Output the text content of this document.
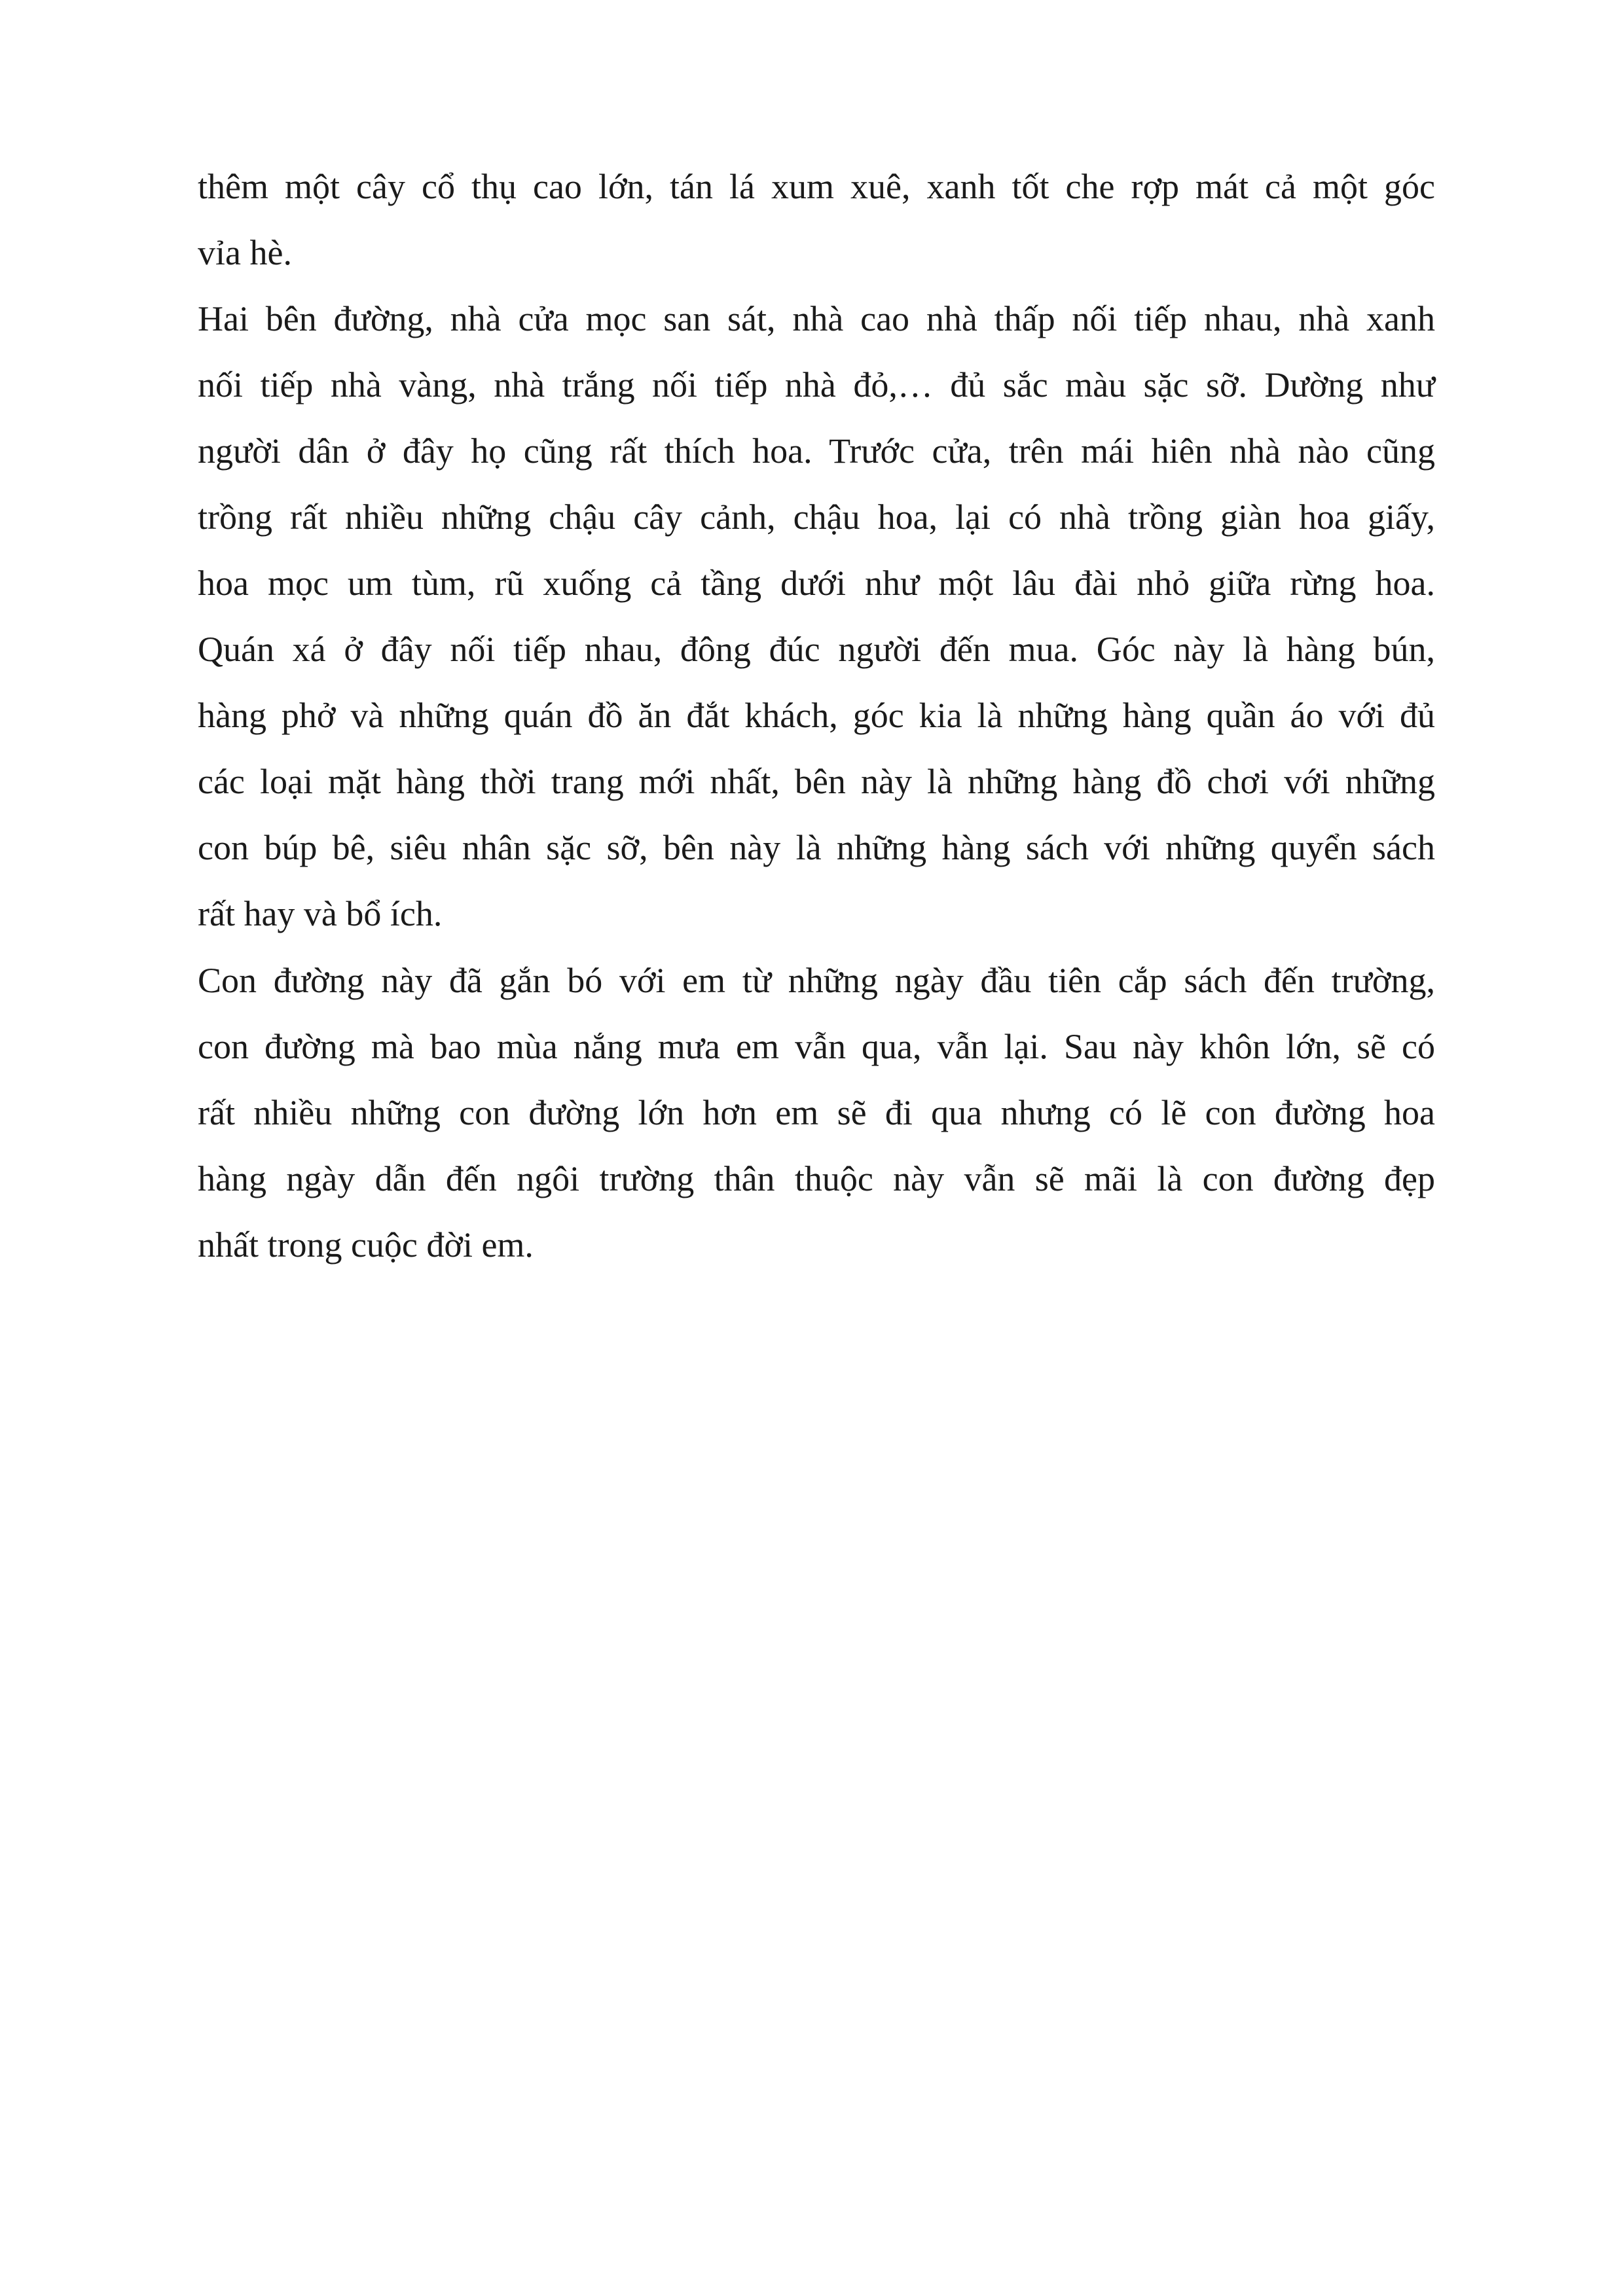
thêm một cây cổ thụ cao lớn, tán lá xum xuê, xanh tốt che rợp mát cả một góc
vỉa hè.
Hai bên đường, nhà cửa mọc san sát, nhà cao nhà thấp nối tiếp nhau, nhà xanh
nối tiếp nhà vàng, nhà trắng nối tiếp nhà đỏ,… đủ sắc màu sặc sỡ. Dường như
người dân ở đây họ cũng rất thích hoa. Trước cửa, trên mái hiên nhà nào cũng
trồng rất nhiều những chậu cây cảnh, chậu hoa, lại có nhà trồng giàn hoa giấy,
hoa mọc um tùm, rũ xuống cả tầng dưới như một lâu đài nhỏ giữa rừng hoa.
Quán xá ở đây nối tiếp nhau, đông đúc người đến mua. Góc này là hàng bún,
hàng phở và những quán đồ ăn đắt khách, góc kia là những hàng quần áo với đủ
các loại mặt hàng thời trang mới nhất, bên này là những hàng đồ chơi với những
con búp bê, siêu nhân sặc sỡ, bên này là những hàng sách với những quyển sách
rất hay và bổ ích.
Con đường này đã gắn bó với em từ những ngày đầu tiên cắp sách đến trường,
con đường mà bao mùa nắng mưa em vẫn qua, vẫn lại. Sau này khôn lớn, sẽ có
rất nhiều những con đường lớn hơn em sẽ đi qua nhưng có lẽ con đường hoa
hàng ngày dẫn đến ngôi trường thân thuộc này vẫn sẽ mãi là con đường đẹp
nhất trong cuộc đời em.
